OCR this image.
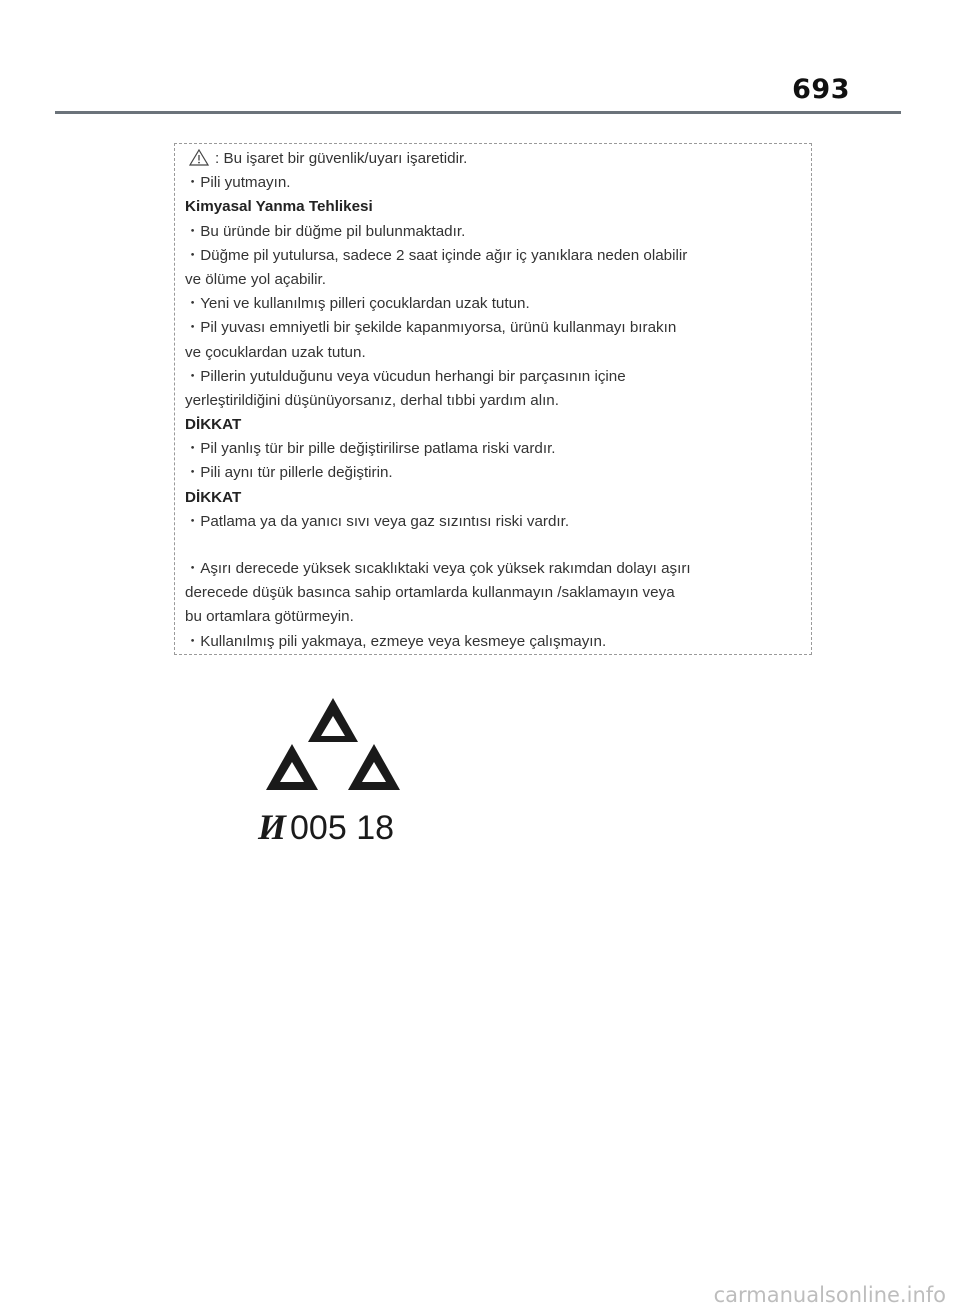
693
: Bu işaret bir güvenlik/uyarı işaretidir.
・Pili yutmayın.
Kimyasal Yanma Tehlikesi
・Bu üründe bir düğme pil bulunmaktadır.
・Düğme pil yutulursa, sadece 2 saat içinde ağır iç yanıklara neden olabilir
ve ölüme yol açabilir.
・Yeni ve kullanılmış pilleri çocuklardan uzak tutun.
・Pil yuvası emniyetli bir şekilde kapanmıyorsa, ürünü kullanmayı bırakın
ve çocuklardan uzak tutun.
・Pillerin yutulduğunu veya vücudun herhangi bir parçasının içine
yerleştirildiğini düşünüyorsanız, derhal tıbbi yardım alın.
DİKKAT
・Pil yanlış tür bir pille değiştirilirse patlama riski vardır.
・Pili aynı tür pillerle değiştirin.
DİKKAT
・Patlama ya da yanıcı sıvı veya gaz sızıntısı riski vardır.
・Aşırı derecede yüksek sıcaklıktaki veya çok yüksek rakımdan dolayı aşırı
derecede düşük basınca sahip ortamlarda kullanmayın /saklamayın veya
bu ortamlara götürmeyin.
・Kullanılmış pili yakmaya, ezmeye veya kesmeye çalışmayın.
И 005 18
carmanualsonline.info
